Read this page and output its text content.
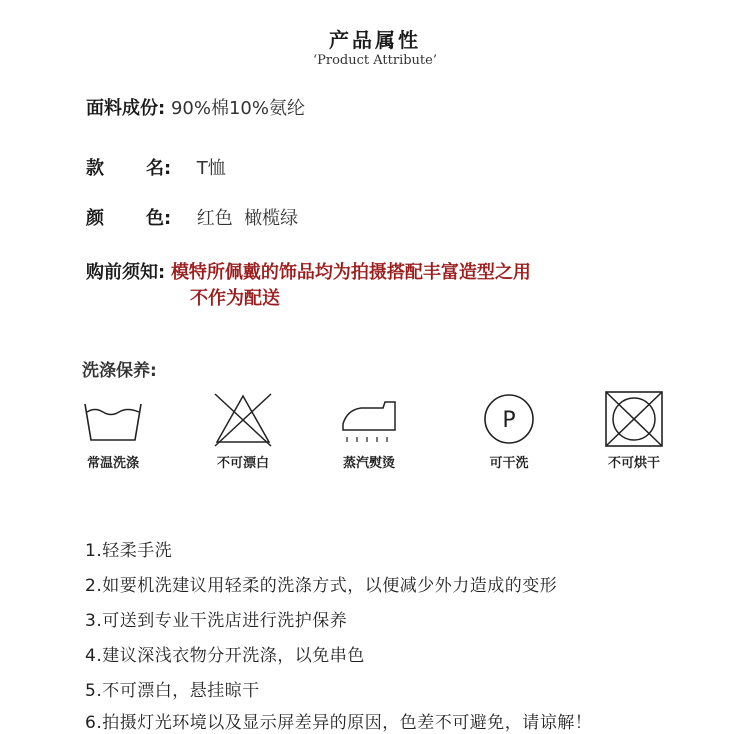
产品属性
‘Product Attribute’
面料成份: 90%棉10%氨纶
款 名: T恤
颜 色: 红色  橄榄绿
购前须知: 模特所佩戴的饰品均为拍摄搭配丰富造型之用
不作为配送
洗涤保养:
常温洗涤	不可漂白	蒸汽熨烫
P
可干洗	不可烘干
1.轻柔手洗
2.如要机洗建议用轻柔的洗涤方式，以便减少外力造成的变形
3.可送到专业干洗店进行洗护保养
4.建议深浅衣物分开洗涤，以免串色
5.不可漂白，悬挂晾干
6.拍摄灯光环境以及显示屏差异的原因，色差不可避免，请谅解！
